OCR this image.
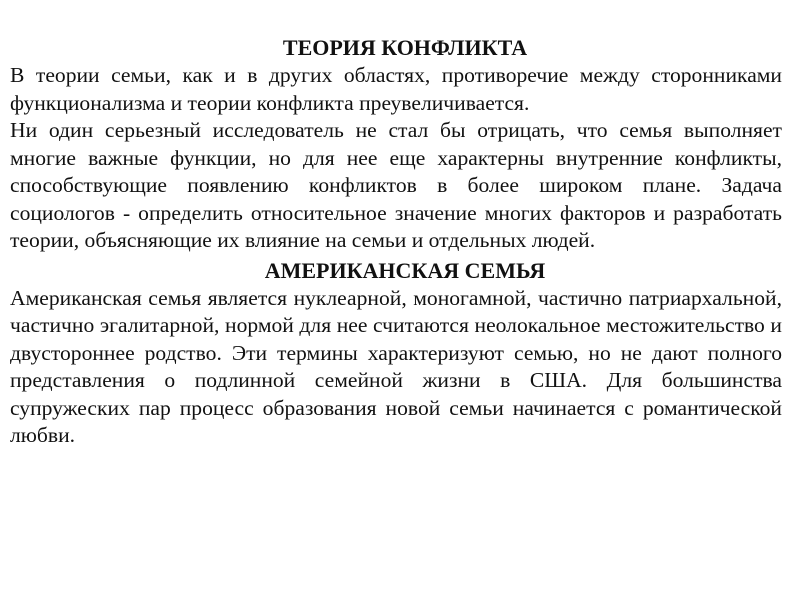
ТЕОРИЯ КОНФЛИКТА

В теории семьи, как и в других областях, противоречие между сторонниками функционализма и теории конфликта преувеличивается.

Ни один серьезный исследователь не стал бы отрицать, что семья выполняет многие важные функции, но для нее еще характерны внутренние конфликты, способствующие появлению конфликтов в более широком плане. Задача социологов - определить относительное значение многих факторов и разработать теории, объясняющие их влияние на семьи и отдельных людей.

АМЕРИКАНСКАЯ СЕМЬЯ

Американская семья является нуклеарной, моногамной, частично патриархальной, частично эгалитарной, нормой для нее считаются неолокальное местожительство и двустороннее родство. Эти термины характеризуют семью, но не дают полного представления о подлинной семейной жизни в США. Для большинства супружеских пар процесс образования новой семьи начинается с романтической любви.
